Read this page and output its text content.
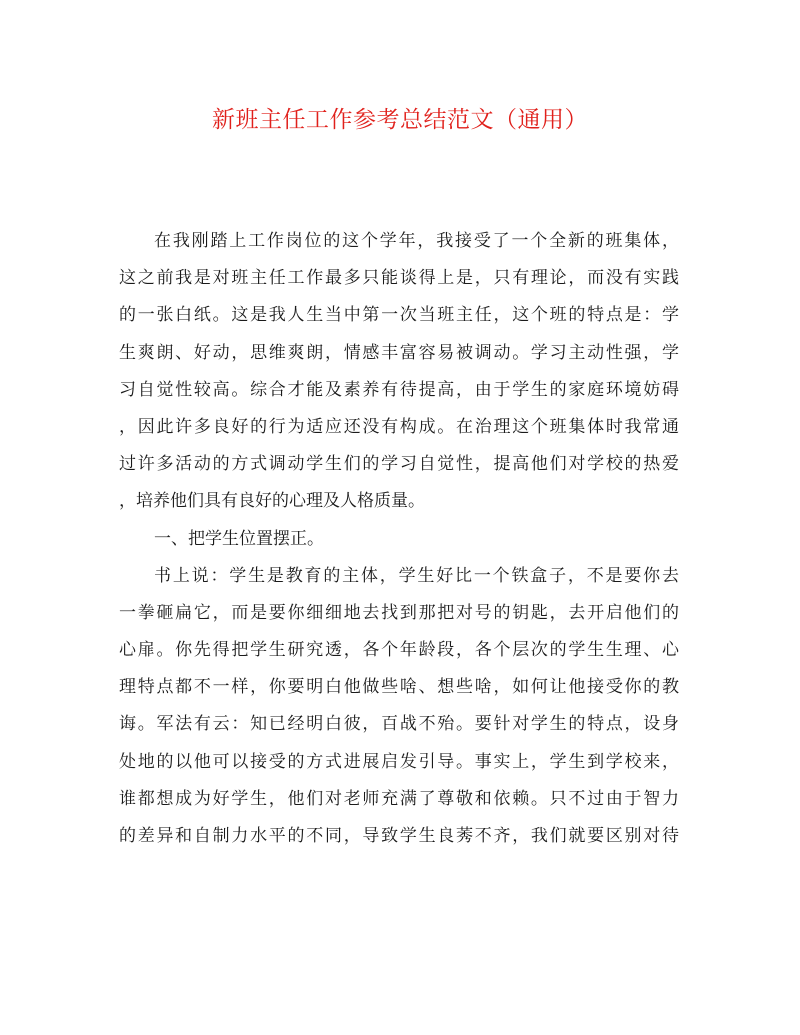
新班主任工作参考总结范文（通用）
在我刚踏上工作岗位的这个学年，我接受了一个全新的班集体，
这之前我是对班主任工作最多只能谈得上是，只有理论，而没有实践
的一张白纸。这是我人生当中第一次当班主任，这个班的特点是：学
生爽朗、好动，思维爽朗，情感丰富容易被调动。学习主动性强，学
习自觉性较高。综合才能及素养有待提高，由于学生的家庭环境妨碍
，因此许多良好的行为适应还没有构成。在治理这个班集体时我常通
过许多活动的方式调动学生们的学习自觉性，提高他们对学校的热爱
，培养他们具有良好的心理及人格质量。
一、把学生位置摆正。
书上说：学生是教育的主体，学生好比一个铁盒子，不是要你去
一拳砸扁它，而是要你细细地去找到那把对号的钥匙，去开启他们的
心扉。你先得把学生研究透，各个年龄段，各个层次的学生生理、心
理特点都不一样，你要明白他做些啥、想些啥，如何让他接受你的教
诲。军法有云：知已经明白彼，百战不殆。要针对学生的特点，设身
处地的以他可以接受的方式进展启发引导。事实上，学生到学校来，
谁都想成为好学生，他们对老师充满了尊敬和依赖。只不过由于智力
的差异和自制力水平的不同，导致学生良莠不齐，我们就要区别对待
